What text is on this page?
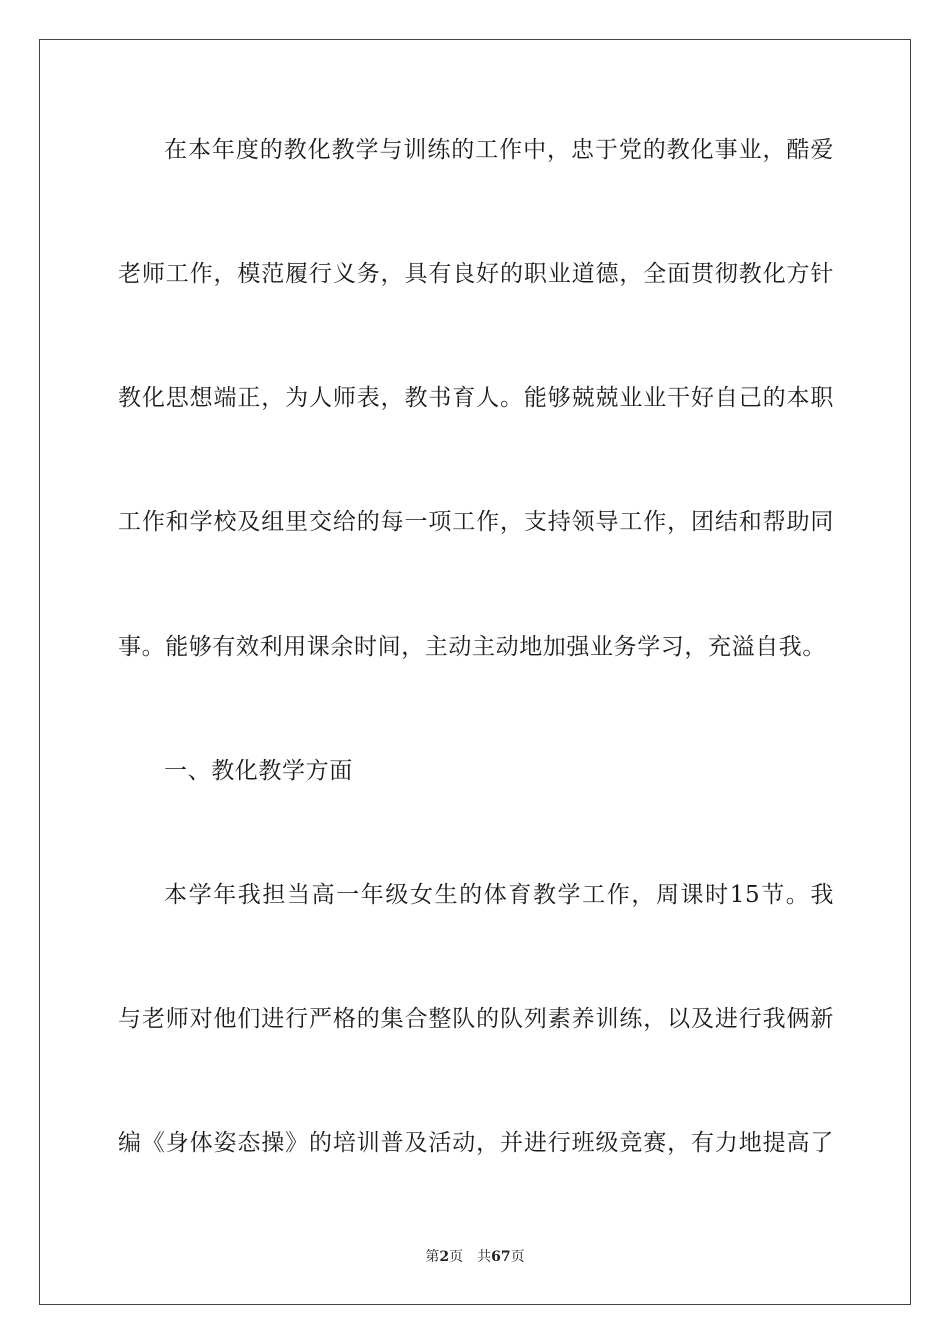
在本年度的教化教学与训练的工作中，忠于党的教化事业，酷爱
老师工作，模范履行义务，具有良好的职业道德，全面贯彻教化方针
教化思想端正，为人师表，教书育人。能够兢兢业业干好自己的本职
工作和学校及组里交给的每一项工作，支持领导工作，团结和帮助同
事。能够有效利用课余时间，主动主动地加强业务学习，充溢自我。
一、教化教学方面
本学年我担当高一年级女生的体育教学工作，周课时15节。我
与老师对他们进行严格的集合整队的队列素养训练，以及进行我俩新
编《身体姿态操》的培训普及活动，并进行班级竞赛，有力地提高了
第2页 共67页
